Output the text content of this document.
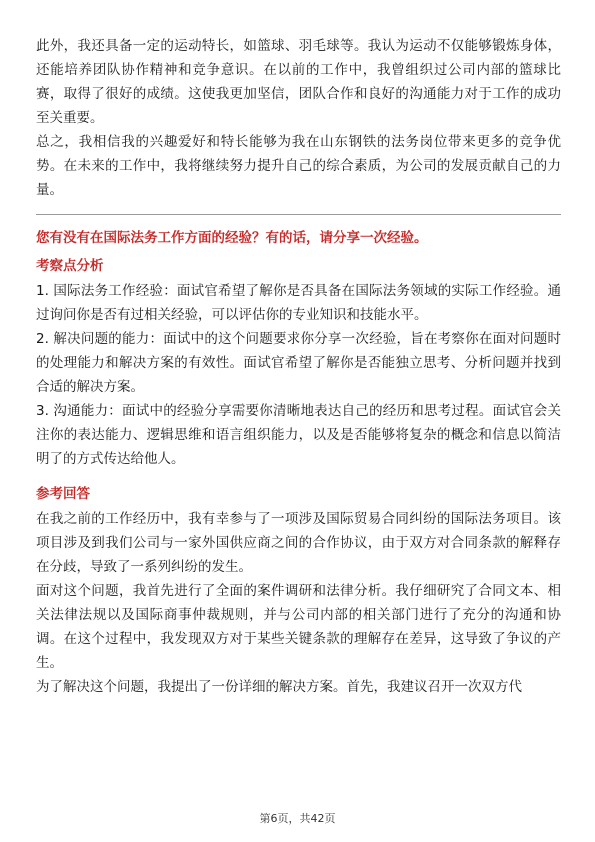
此外，我还具备一定的运动特长，如篮球、羽毛球等。我认为运动不仅能够锻炼身体，还能培养团队协作精神和竞争意识。在以前的工作中，我曾组织过公司内部的篮球比赛，取得了很好的成绩。这使我更加坚信，团队合作和良好的沟通能力对于工作的成功至关重要。

总之，我相信我的兴趣爱好和特长能够为我在山东钢铁的法务岗位带来更多的竞争优势。在未来的工作中，我将继续努力提升自己的综合素质，为公司的发展贡献自己的力量。

您有没有在国际法务工作方面的经验？有的话，请分享一次经验。

考察点分析

1. 国际法务工作经验：面试官希望了解你是否具备在国际法务领域的实际工作经验。通过询问你是否有过相关经验，可以评估你的专业知识和技能水平。

2. 解决问题的能力：面试中的这个问题要求你分享一次经验，旨在考察你在面对问题时的处理能力和解决方案的有效性。面试官希望了解你是否能独立思考、分析问题并找到合适的解决方案。

3. 沟通能力：面试中的经验分享需要你清晰地表达自己的经历和思考过程。面试官会关注你的表达能力、逻辑思维和语言组织能力，以及是否能够将复杂的概念和信息以简洁明了的方式传达给他人。

参考回答

在我之前的工作经历中，我有幸参与了一项涉及国际贸易合同纠纷的国际法务项目。该项目涉及到我们公司与一家外国供应商之间的合作协议，由于双方对合同条款的解释存在分歧，导致了一系列纠纷的发生。

面对这个问题，我首先进行了全面的案件调研和法律分析。我仔细研究了合同文本、相关法律法规以及国际商事仲裁规则，并与公司内部的相关部门进行了充分的沟通和协调。在这个过程中，我发现双方对于某些关键条款的理解存在差异，这导致了争议的产生。

为了解决这个问题，我提出了一份详细的解决方案。首先，我建议召开一次双方代

第6页，共42页
